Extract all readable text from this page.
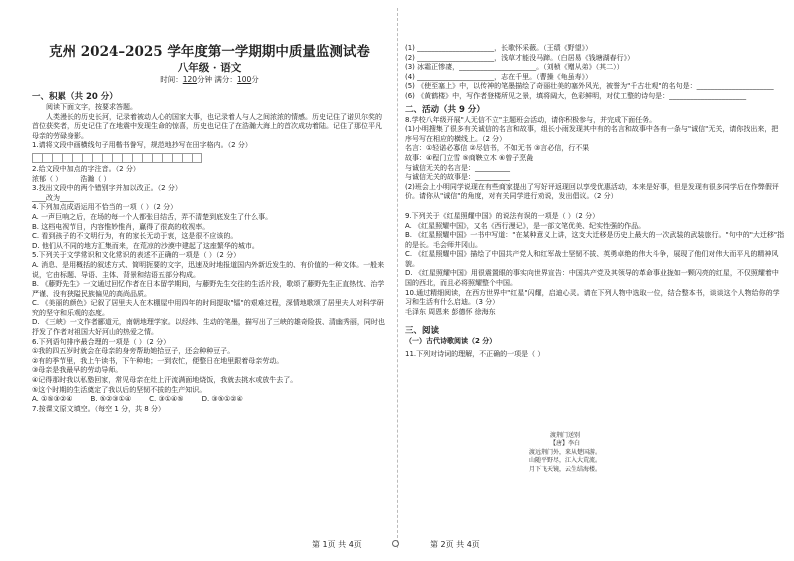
克州 2024–2025 学年度第一学期期中质量监测试卷
八年级 · 语文
时间：120分钟 满分：100分

一、积累（共 20 分）

阅读下面文字，按要求答题。

人类漫长的历史长河，记录着被动人心的国家大事，也记录着人与人之间浓浓的情感。历史记住了诺贝尔奖的首位获奖者，历史记住了在地震中发现生命的惊喜，历史也记住了在浩瀚大海上的首次成功着陆。记住了那位平凡母亲的劳碌身影。

1.请将文段中画横线句子用楷书誊写，规范地抄写在田字格内。（2 分）

2.给文段中加点的字注音。（2 分）

浓郁（ ）	浩瀚（ ）

3.找出文段中的两个错别字并加以改正。（2 分）

____改为____

4.下列加点成语运用不恰当的一项（ ）（2 分）

A. 一声巨响之后，在场的每一个人都张目结舌，弄不清楚到底发生了什么事。

B. 这档电视节目，内容惟妙惟肖，赢得了很高的收视率。

C. 看到孩子的不文明行为，有的家长无动于衷，这是很不应该的。

D. 他们从不同的地方汇集而来，在荒凉的沙漠中建起了这座繁华的城市。

5.下列关于文学常识和文化常识的表述不正确的一项是（ ）（2 分）

A. 消息、是用概括的叙述方式、简明扼要的文字，迅速及时地报道国内外新近发生的、有价值的一种文体。一般来说，它由标题、导语、主体、背景和结语五部分构成。

B. 《藤野先生》一文通过回忆作者在日本留学期间，与藤野先生交往的生活片段，歌颂了藤野先生正直热忱、治学严谨、没有狭隘民族偏见的高尚品质。

C. 《美丽的颜色》记叙了居里夫人在木棚屋中用四年的时间提取"镭"的艰难过程，深情地歌颂了居里夫人对科学研究的坚守和乐观的态度。

D. 《三峡》一文作者郦道元，南朝地理学家。以经纬、生动的笔墨，描写出了三峡的雄奇险拔、清幽秀丽，同时也抒发了作者对祖国大好河山的热爱之情。

6.下列语句排序最合理的一项是（ ）（2 分）

①我的四五岁时就会在母亲的身旁帮助她拾豆子，还会种种豆子。

②有的季节里，我上午读书，下午种地；一到农忙，便整日在地里跟着母亲劳动。

③母亲是我最早的劳动导师。

④记得那时我以私塾回家，常见母亲在灶上汗流满面地烧饭，我就去挑水或放牛去了。

⑤这个时期的生活奠定了我以后的坚韧不拔的生产知识。

A. ①⑤③②④	B. ⑤②③①④	C. ③①④⑤	D. ③⑤①②④

7.按课文原文填空。（每空 1 分，共 8 分）

第 1页 共 4页

(1) ______________________，长歌怀采薇。（王绩《野望》）

(2) ______________________，浅草才能没马蹄。（白居易《钱塘湖春行》）

(3) 冰霜正惨凄，______________________。（刘桢《赠从弟》（其二））

(4) ______________________，志在千里。（曹操《龟虽寿》）

(5) 《使至塞上》中，以传神的笔墨描绘了奇丽壮美的塞外风光，被誉为"千古壮观"的名句是：______________________

(6) 《黄鹤楼》中，写作者登楼所见之景，填将阔大，色彩鲜明，对仗工整的诗句是：______________________

二、活动（共 9 分）

8.学校八年级开展"人无信不立"主题班会活动，请你积极参与，并完成下面任务。

(1)小明搜集了很多有关诚信的名言和故事，组长小雨发现其中有的名言和故事中各有一条与"诚信"无关，请你找出来，把序号写在相应的横线上。（2 分）

名言：①轻诺必寡信 ②尽信书，不如无书 ③言必信，行不果

故事：④程门立雪 ⑤商鞅立木 ⑥曾子烹彘

与诚信无关的名言是：__________

与诚信无关的故事是：__________

(2)班会上小明同学说现在有些商家提出了写好评返现回以享受优惠活动，本来是好事，但是发现有很多同学后在作弊假评价。请你从"诚信"的角度，对有关同学进行劝说，发出倡议。（2 分）

9.下列关于《红星照耀中国》的说法有误的一项是（ ）（2 分）

A. 《红星照耀中国》，又名《西行漫记》，是一部文笔优美、纪实性强的作品。

B. 《红星照耀中国》一书中写道："在某种意义上讲，这支大迁移是历史上最大的一次武装的武装旅行。"句中的"大迁移"指的是长。毛会师井冈山。

C. 《红星照耀中国》描绘了中国共产党人和红军战士坚韧不拔、英勇卓绝的伟大斗争，展现了他们对伟大而平凡的精神风貌。

D. 《红星照耀中国》用很震置眼的事实向世界宣告：中国共产党及其领导的革命事业拢如一颗闪亮的红星，不仅照耀着中国的西北，而且必将照耀整个中国。

10.通过精细阅读，在西方世界中"红星"闪耀，启迪心灵。请在下列人物中选取一位，结合整本书，谈谈这个人物给你的学习和生活有什么启迪。（3 分）

毛泽东 周恩来 彭德怀 徐海东

三、阅读

（一）古代诗歌阅读（2 分）

11.下列对诗词的理解，不正确的一项是（ ）

第 2页 共 4页

渡荆门送别

【唐】李白

渡远荆门外，来从楚国游。

山随平野尽，江入大荒流。

月下飞天镜，云生结海楼。
